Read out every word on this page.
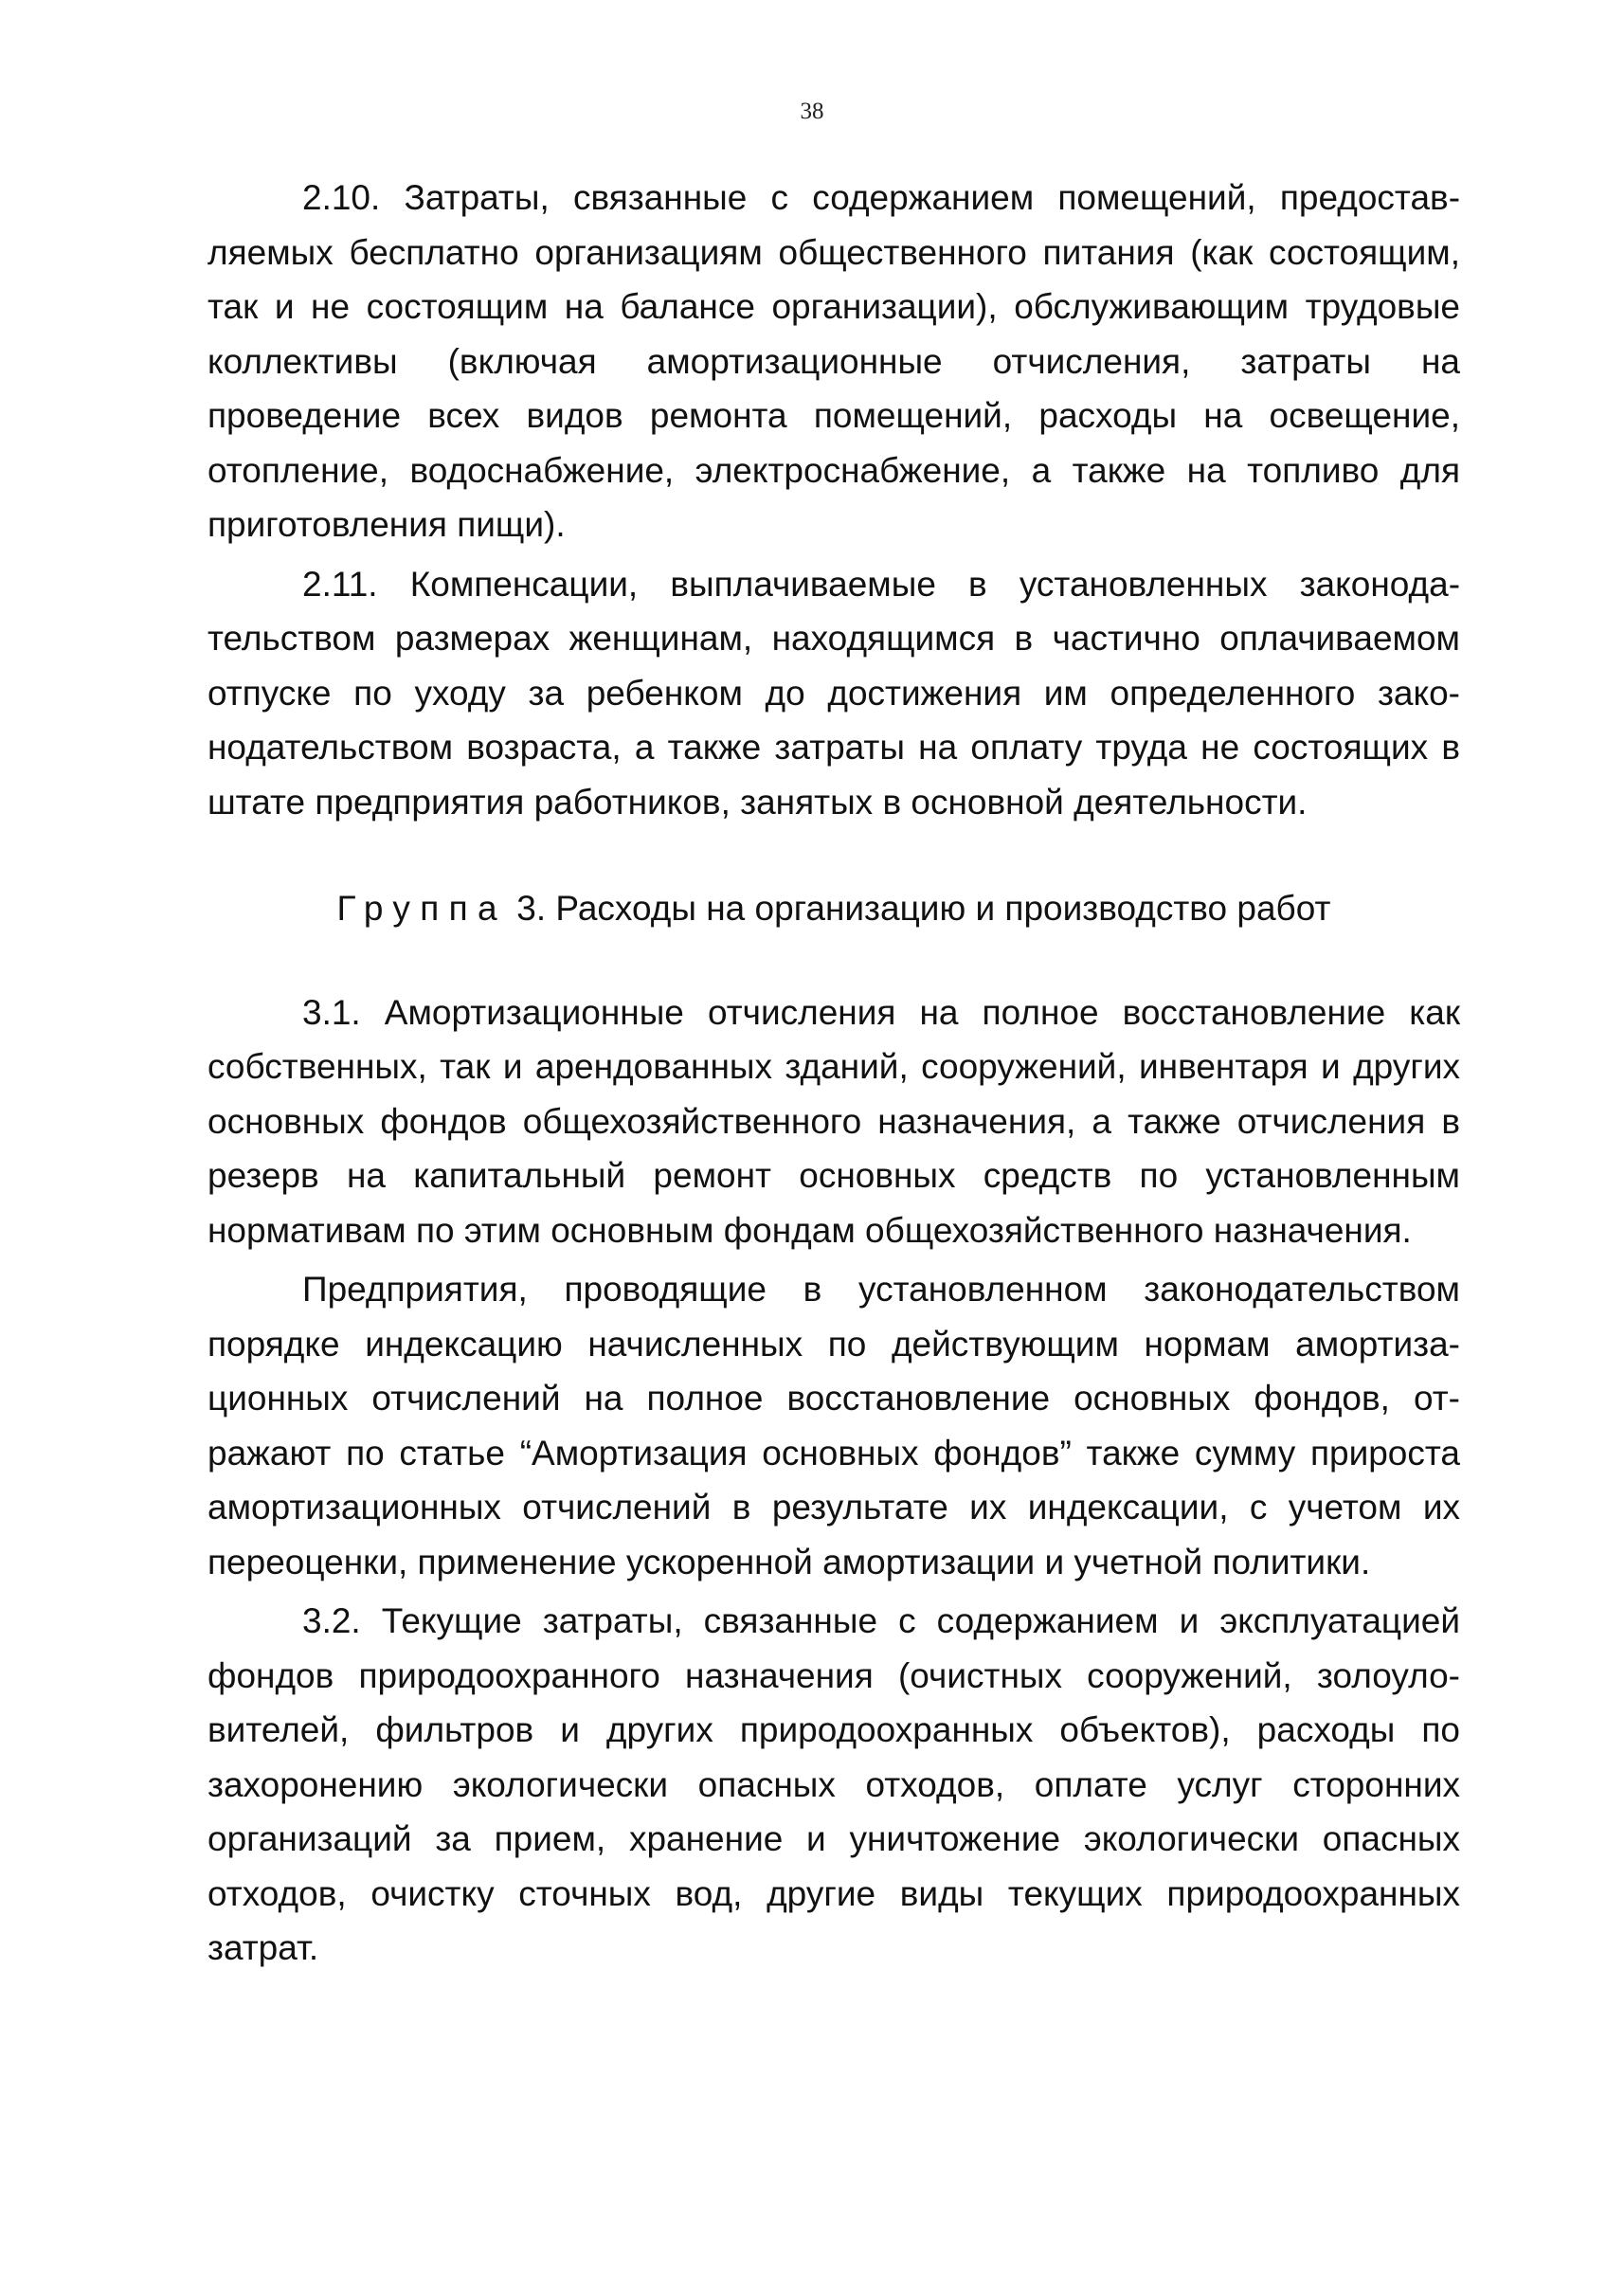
38

2.10. Затраты, связанные с содержанием помещений, предоставляемых бесплатно организациям общественного питания (как состоящим, так и не состоящим на балансе организации), обслуживающим трудовые коллективы (включая амортизационные отчисления, затраты на проведение всех видов ремонта помещений, расходы на освещение, отопление, водоснабжение, электроснабжение, а также на топливо для приготовления пищи).

2.11. Компенсации, выплачиваемые в установленных законодательством размерах женщинам, находящимся в частично оплачиваемом отпуске по уходу за ребенком до достижения им определенного законодательством возраста, а также затраты на оплату труда не состоящих в штате предприятия работников, занятых в основной деятельности.

Группа 3. Расходы на организацию и производство работ

3.1. Амортизационные отчисления на полное восстановление как собственных, так и арендованных зданий, сооружений, инвентаря и других основных фондов общехозяйственного назначения, а также отчисления в резерв на капитальный ремонт основных средств по установленным нормативам по этим основным фондам общехозяйственного назначения.

Предприятия, проводящие в установленном законодательством порядке индексацию начисленных по действующим нормам амортизационных отчислений на полное восстановление основных фондов, отражают по статье “Амортизация основных фондов” также сумму прироста амортизационных отчислений в результате их индексации, с учетом их переоценки, применение ускоренной амортизации и учетной политики.

3.2. Текущие затраты, связанные с содержанием и эксплуатацией фондов природоохранного назначения (очистных сооружений, золоуловителей, фильтров и других природоохранных объектов), расходы по захоронению экологически опасных отходов, оплате услуг сторонних организаций за прием, хранение и уничтожение экологически опасных отходов, очистку сточных вод, другие виды текущих природоохранных затрат.
